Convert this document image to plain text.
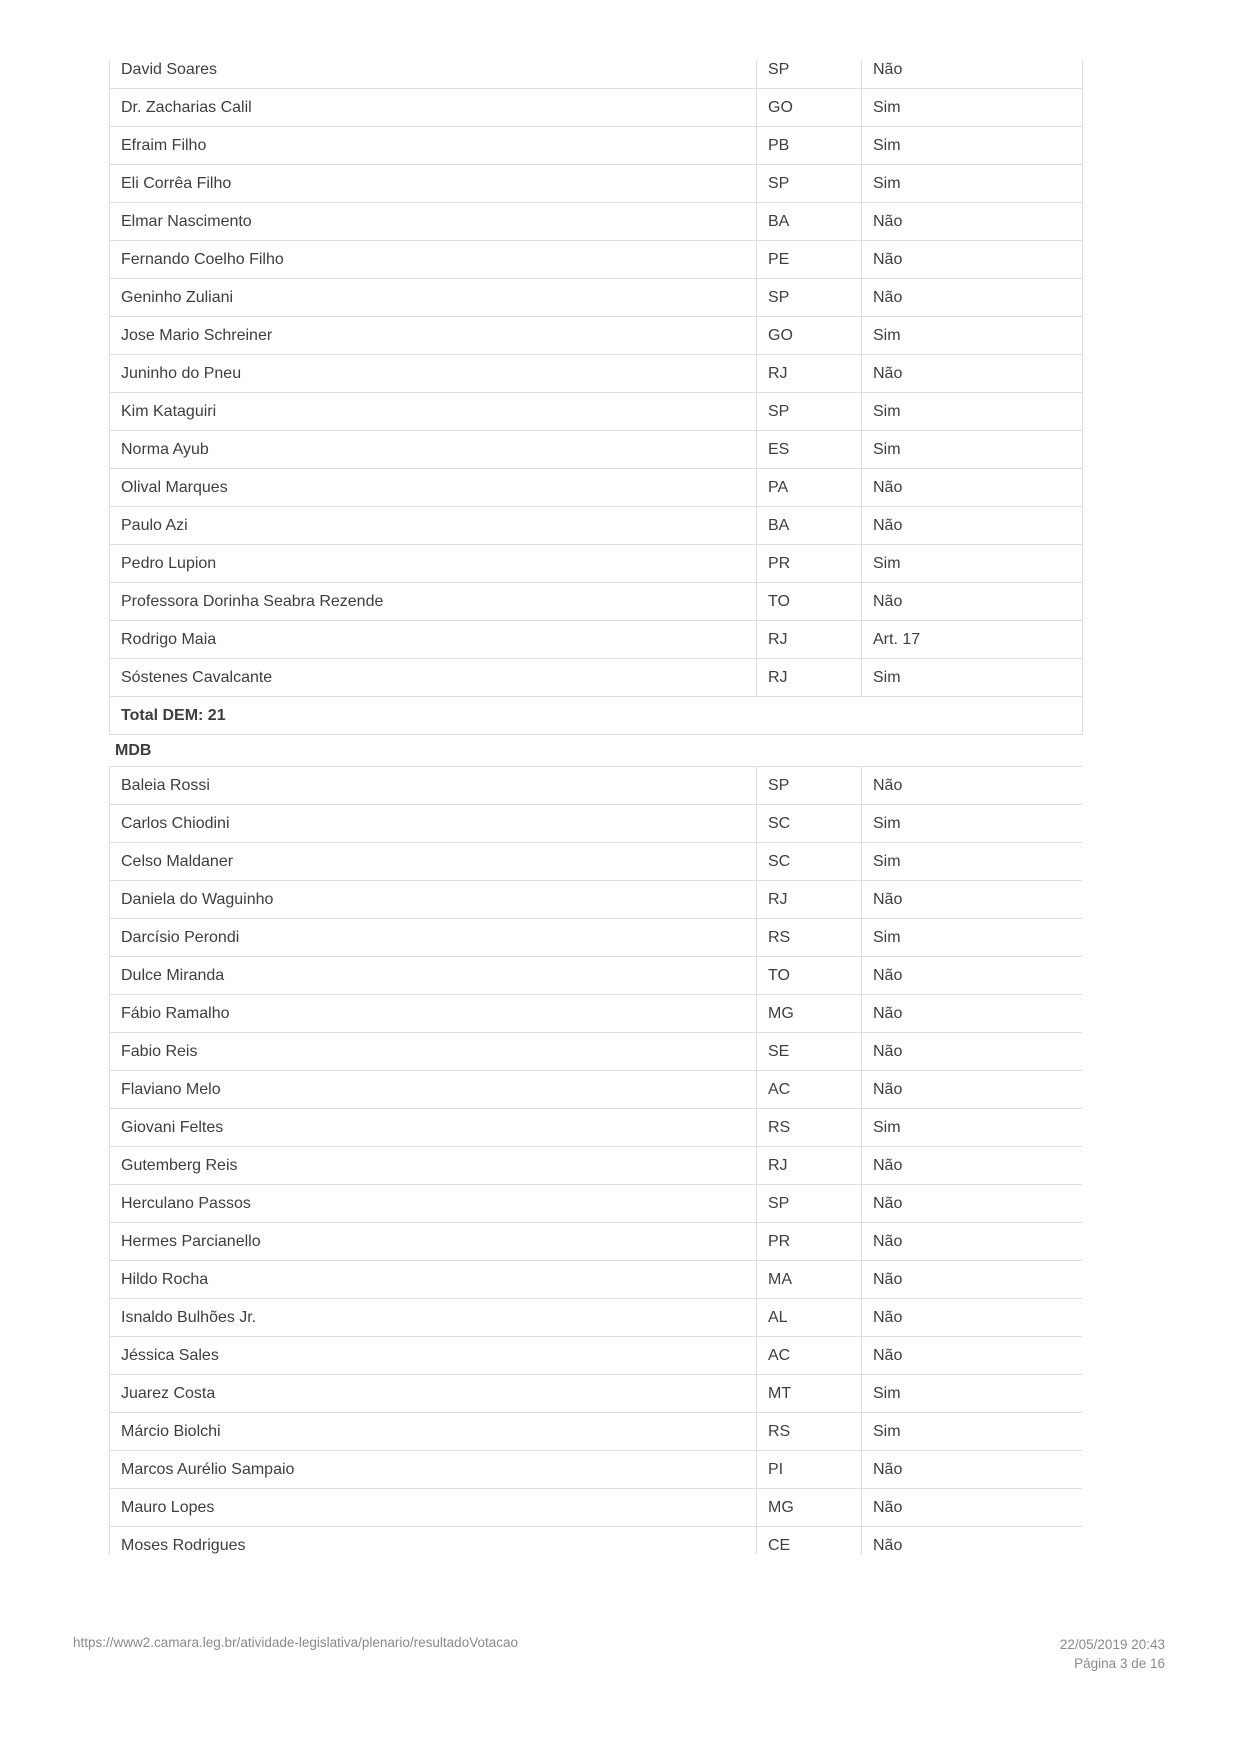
David Soares	SP	Não

Dr. Zacharias Calil	GO	Sim
Efraim Filho	PB	Sim
Eli Corrêa Filho	SP	Sim
Elmar Nascimento	BA	Não
Fernando Coelho Filho	PE	Não
Geninho Zuliani	SP	Não
Jose Mario Schreiner	GO	Sim
Juninho do Pneu	RJ	Não
Kim Kataguiri	SP	Sim
Norma Ayub	ES	Sim
Olival Marques	PA	Não
Paulo Azi	BA	Não
Pedro Lupion	PR	Sim
Professora Dorinha Seabra Rezende	TO	Não
Rodrigo Maia	RJ	Art. 17
Sóstenes Cavalcante	RJ	Sim
Total DEM: 21		
MDB
Baleia Rossi	SP	Não
Carlos Chiodini	SC	Sim
Celso Maldaner	SC	Sim
Daniela do Waguinho	RJ	Não
Darcísio Perondi	RS	Sim
Dulce Miranda	TO	Não
Fábio Ramalho	MG	Não
Fabio Reis	SE	Não
Flaviano Melo	AC	Não
Giovani Feltes	RS	Sim
Gutemberg Reis	RJ	Não
Herculano Passos	SP	Não
Hermes Parcianello	PR	Não
Hildo Rocha	MA	Não
Isnaldo Bulhões Jr.	AL	Não
Jéssica Sales	AC	Não
Juarez Costa	MT	Sim
Márcio Biolchi	RS	Sim
Marcos Aurélio Sampaio	PI	Não
Mauro Lopes	MG	Não
Moses Rodrigues	CE	Não
https://www2.camara.leg.br/atividade-legislativa/plenario/resultadoVotacao	22/05/2019 20:43
Página 3 de 16
